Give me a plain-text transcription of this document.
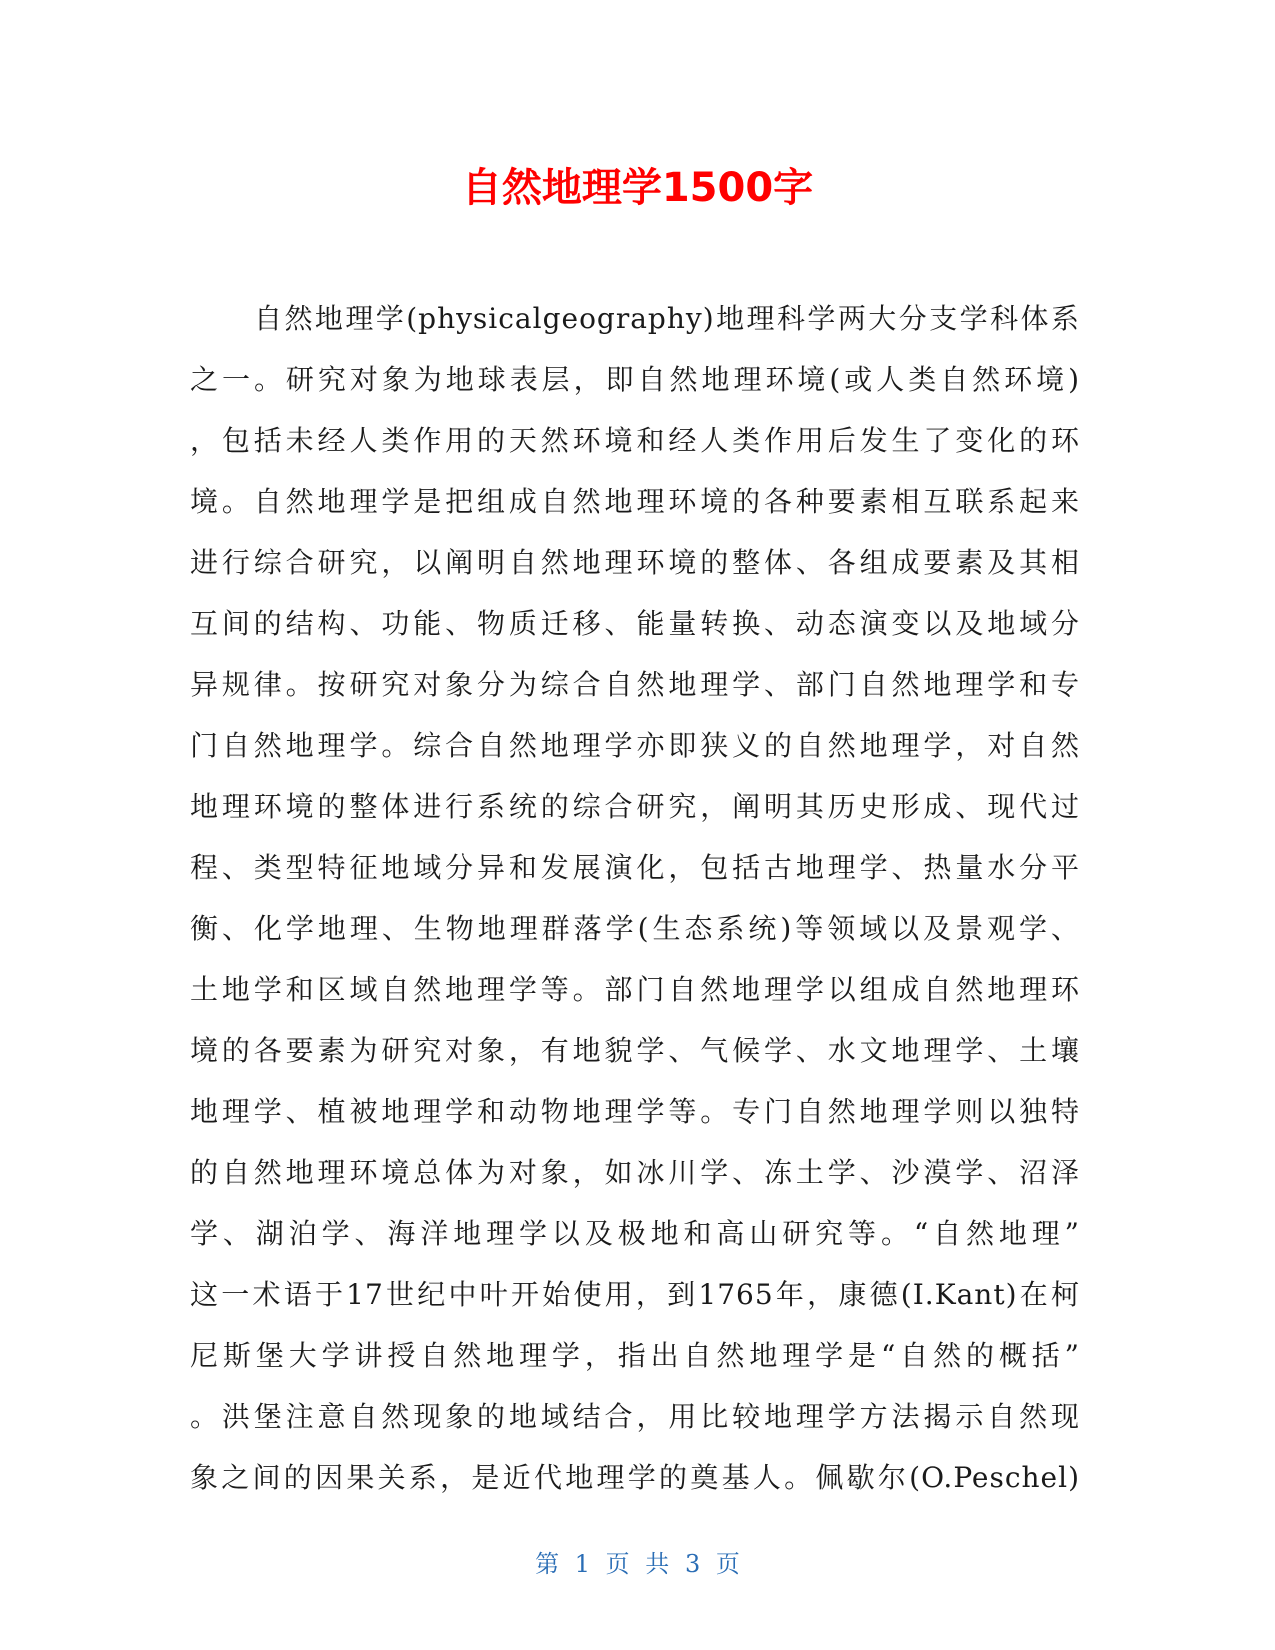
自然地理学1500字
自然地理学(physicalgeography)地理科学两大分支学科体系
之一。研究对象为地球表层，即自然地理环境(或人类自然环境)
，包括未经人类作用的天然环境和经人类作用后发生了变化的环
境。自然地理学是把组成自然地理环境的各种要素相互联系起来
进行综合研究，以阐明自然地理环境的整体、各组成要素及其相
互间的结构、功能、物质迁移、能量转换、动态演变以及地域分
异规律。按研究对象分为综合自然地理学、部门自然地理学和专
门自然地理学。综合自然地理学亦即狭义的自然地理学，对自然
地理环境的整体进行系统的综合研究，阐明其历史形成、现代过
程、类型特征地域分异和发展演化，包括古地理学、热量水分平
衡、化学地理、生物地理群落学(生态系统)等领域以及景观学、
土地学和区域自然地理学等。部门自然地理学以组成自然地理环
境的各要素为研究对象，有地貌学、气候学、水文地理学、土壤
地理学、植被地理学和动物地理学等。专门自然地理学则以独特
的自然地理环境总体为对象，如冰川学、冻土学、沙漠学、沼泽
学、湖泊学、海洋地理学以及极地和高山研究等。“自然地理”
这一术语于17世纪中叶开始使用，到1765年，康德(I.Kant)在柯
尼斯堡大学讲授自然地理学，指出自然地理学是“自然的概括”
。洪堡注意自然现象的地域结合，用比较地理学方法揭示自然现
象之间的因果关系，是近代地理学的奠基人。佩歇尔(O.Peschel)
第 1 页 共 3 页
